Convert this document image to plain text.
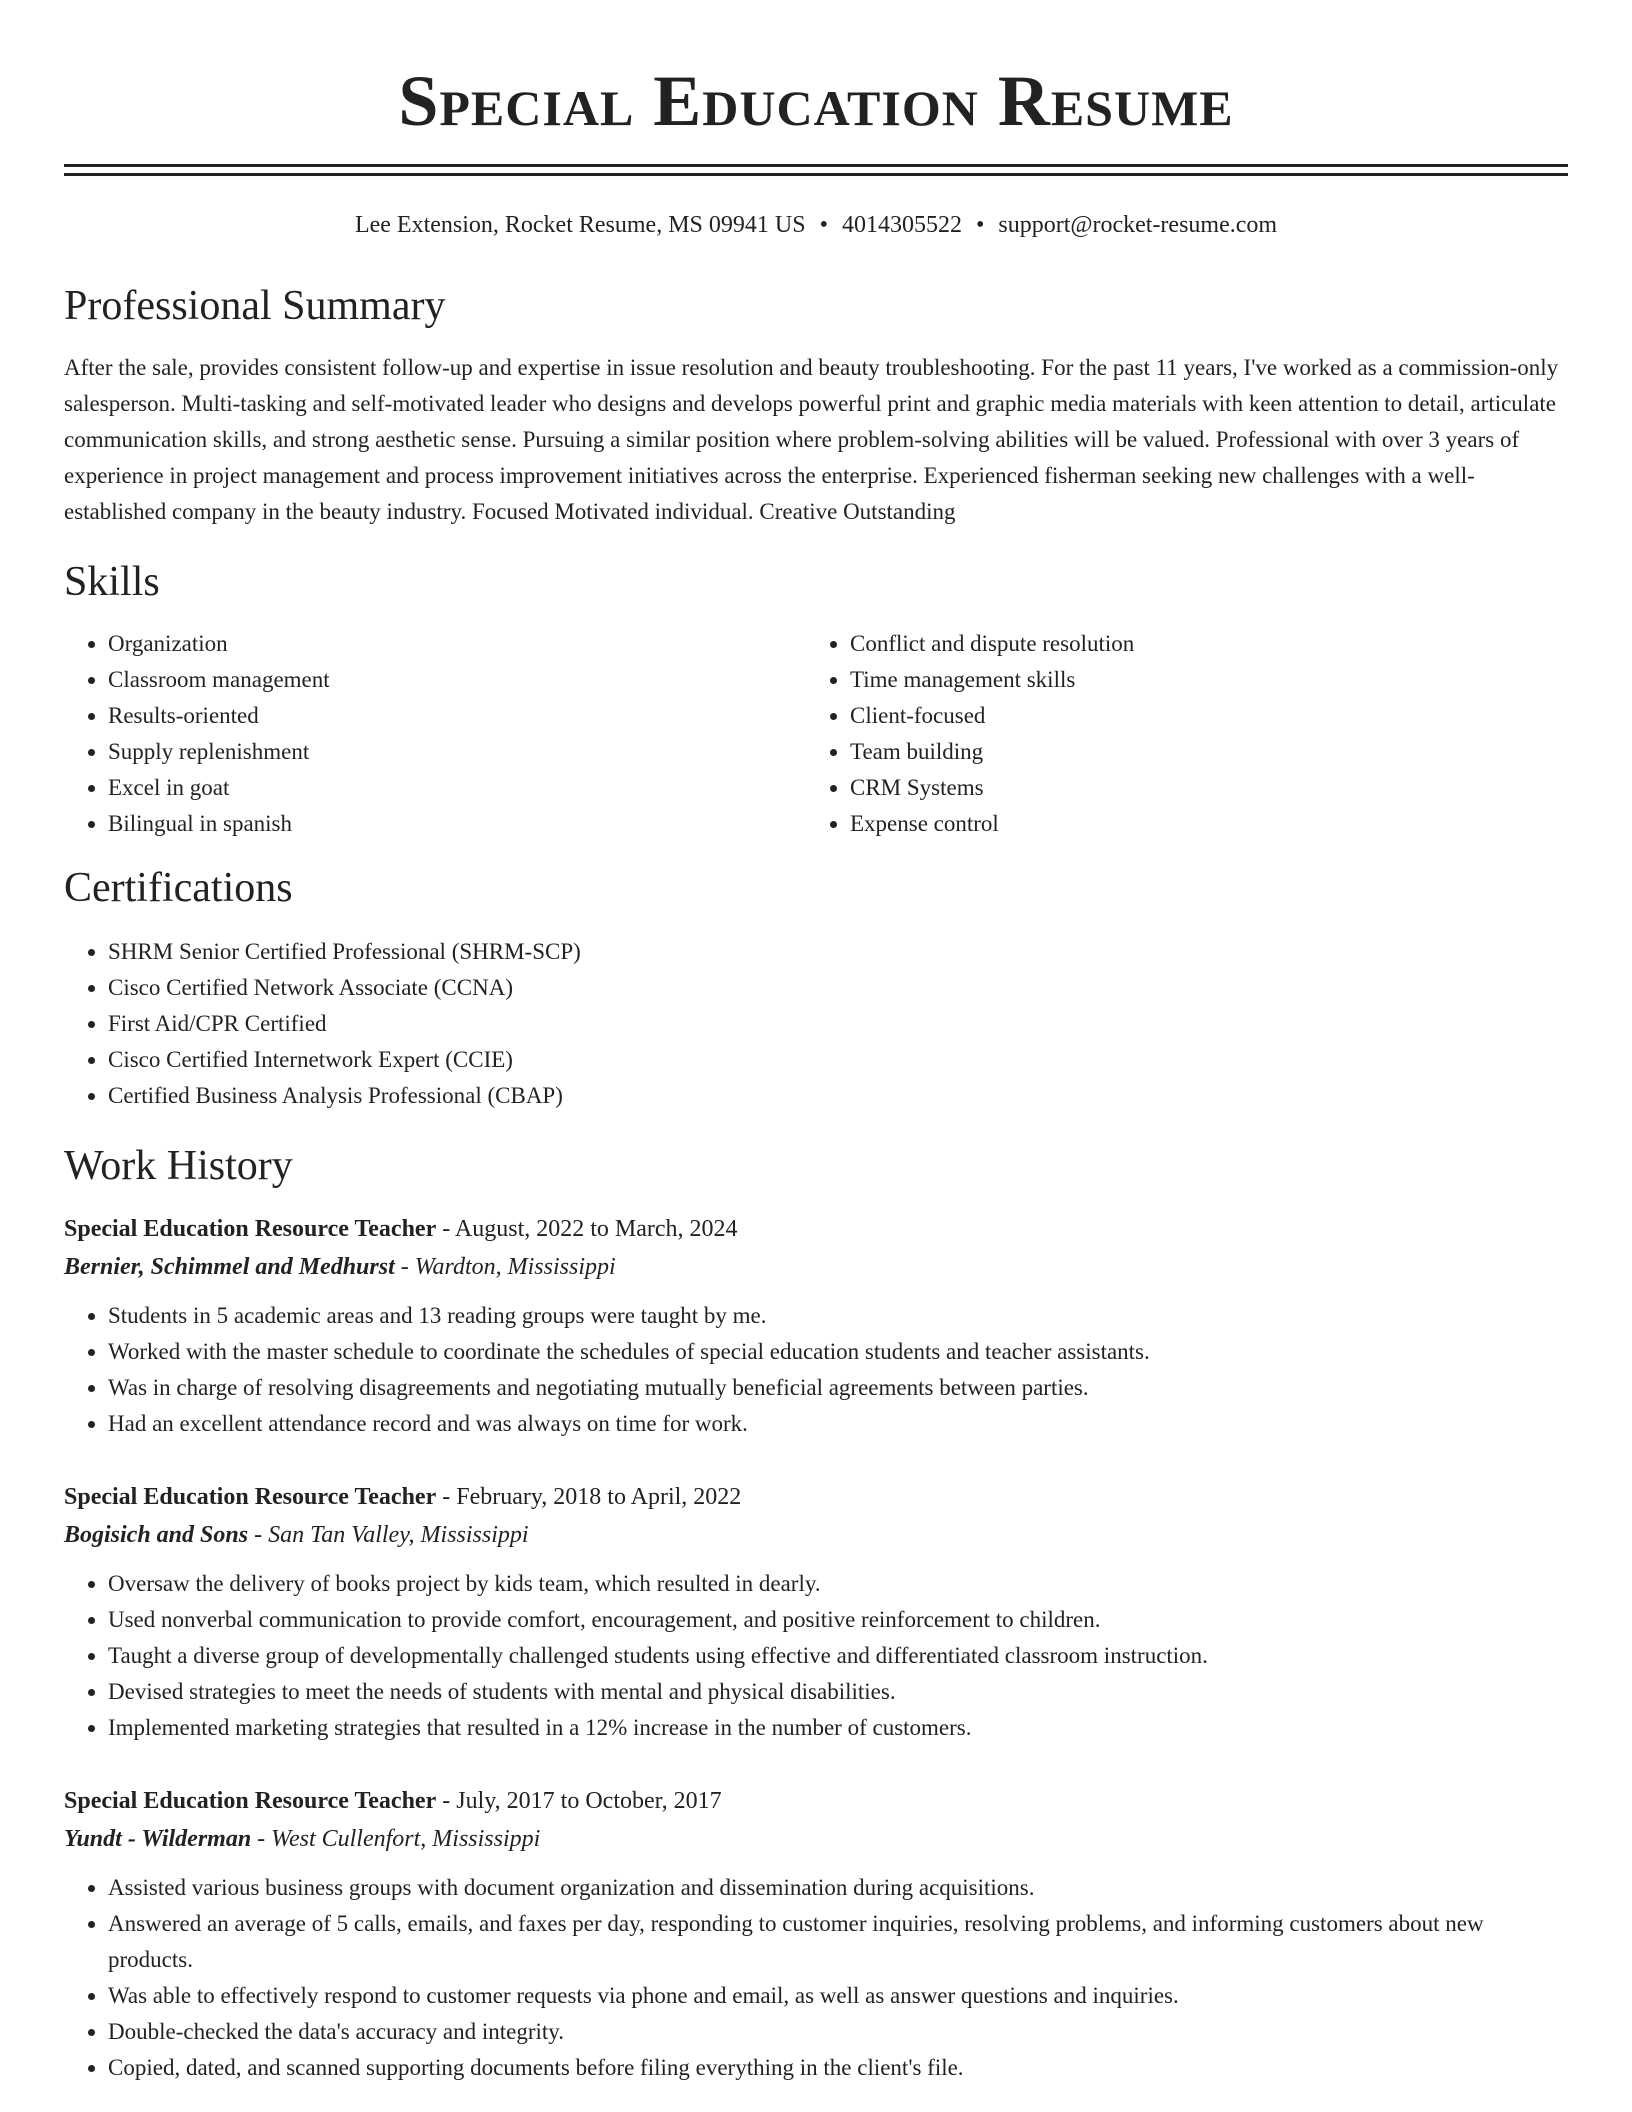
Special Education Resume
Lee Extension, Rocket Resume, MS 09941 US • 4014305522 • support@rocket-resume.com
Professional Summary

After the sale, provides consistent follow-up and expertise in issue resolution and beauty troubleshooting. For the past 11 years, I've worked as a commission-only salesperson. Multi-tasking and self-motivated leader who designs and develops powerful print and graphic media materials with keen attention to detail, articulate communication skills, and strong aesthetic sense. Pursuing a similar position where problem-solving abilities will be valued. Professional with over 3 years of experience in project management and process improvement initiatives across the enterprise. Experienced fisherman seeking new challenges with a well-established company in the beauty industry. Focused Motivated individual. Creative Outstanding

Skills
• Organization
• Classroom management
• Results-oriented
• Supply replenishment
• Excel in goat
• Bilingual in spanish
• Conflict and dispute resolution
• Time management skills
• Client-focused
• Team building
• CRM Systems
• Expense control
Certifications
• SHRM Senior Certified Professional (SHRM-SCP)
• Cisco Certified Network Associate (CCNA)
• First Aid/CPR Certified
• Cisco Certified Internetwork Expert (CCIE)
• Certified Business Analysis Professional (CBAP)
Work History
Special Education Resource Teacher - August, 2022 to March, 2024
Bernier, Schimmel and Medhurst - Wardton, Mississippi
• Students in 5 academic areas and 13 reading groups were taught by me.
• Worked with the master schedule to coordinate the schedules of special education students and teacher assistants.
• Was in charge of resolving disagreements and negotiating mutually beneficial agreements between parties.
• Had an excellent attendance record and was always on time for work.
Special Education Resource Teacher - February, 2018 to April, 2022
Bogisich and Sons - San Tan Valley, Mississippi
• Oversaw the delivery of books project by kids team, which resulted in dearly.
• Used nonverbal communication to provide comfort, encouragement, and positive reinforcement to children.
• Taught a diverse group of developmentally challenged students using effective and differentiated classroom instruction.
• Devised strategies to meet the needs of students with mental and physical disabilities.
• Implemented marketing strategies that resulted in a 12% increase in the number of customers.
Special Education Resource Teacher - July, 2017 to October, 2017
Yundt - Wilderman - West Cullenfort, Mississippi
• Assisted various business groups with document organization and dissemination during acquisitions.
• Answered an average of 5 calls, emails, and faxes per day, responding to customer inquiries, resolving problems, and informing customers about new products.
• Was able to effectively respond to customer requests via phone and email, as well as answer questions and inquiries.
• Double-checked the data's accuracy and integrity.
• Copied, dated, and scanned supporting documents before filing everything in the client's file.
